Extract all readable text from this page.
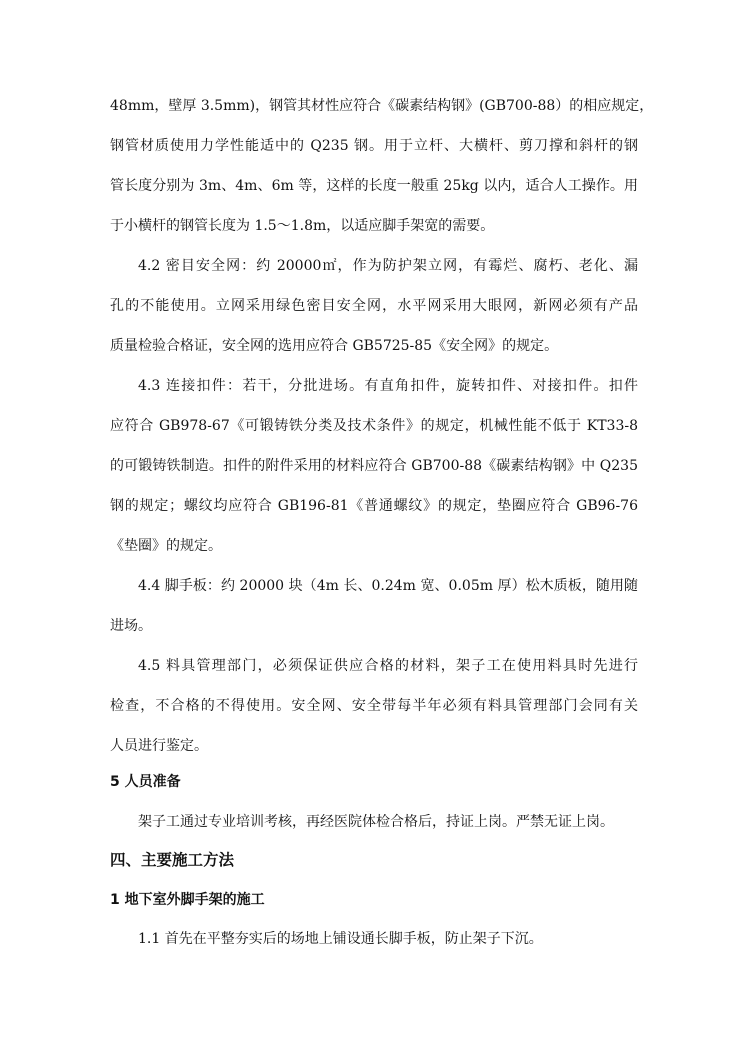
48mm，壁厚 3.5mm)，钢管其材性应符合《碳素结构钢》(GB700-88）的相应规定，
钢管材质使用力学性能适中的 Q235 钢。用于立杆、大横杆、剪刀撑和斜杆的钢
管长度分别为 3m、4m、6m 等，这样的长度一般重 25kg 以内，适合人工操作。用
于小横杆的钢管长度为 1.5～1.8m，以适应脚手架宽的需要。
4.2 密目安全网：约 20000㎡，作为防护架立网，有霉烂、腐朽、老化、漏
孔的不能使用。立网采用绿色密目安全网，水平网采用大眼网，新网必须有产品
质量检验合格证，安全网的选用应符合 GB5725-85《安全网》的规定。
4.3 连接扣件：若干，分批进场。有直角扣件，旋转扣件、对接扣件。扣件
应符合 GB978-67《可锻铸铁分类及技术条件》的规定，机械性能不低于 KT33-8
的可锻铸铁制造。扣件的附件采用的材料应符合 GB700-88《碳素结构钢》中 Q235
钢的规定；螺纹均应符合 GB196-81《普通螺纹》的规定，垫圈应符合 GB96-76
《垫圈》的规定。
4.4 脚手板：约 20000 块（4m 长、0.24m 宽、0.05m 厚）松木质板，随用随
进场。
4.5 料具管理部门，必须保证供应合格的材料，架子工在使用料具时先进行
检查，不合格的不得使用。安全网、安全带每半年必须有料具管理部门会同有关
人员进行鉴定。
5 人员准备
架子工通过专业培训考核，再经医院体检合格后，持证上岗。严禁无证上岗。
四、主要施工方法
1 地下室外脚手架的施工
1.1 首先在平整夯实后的场地上铺设通长脚手板，防止架子下沉。
